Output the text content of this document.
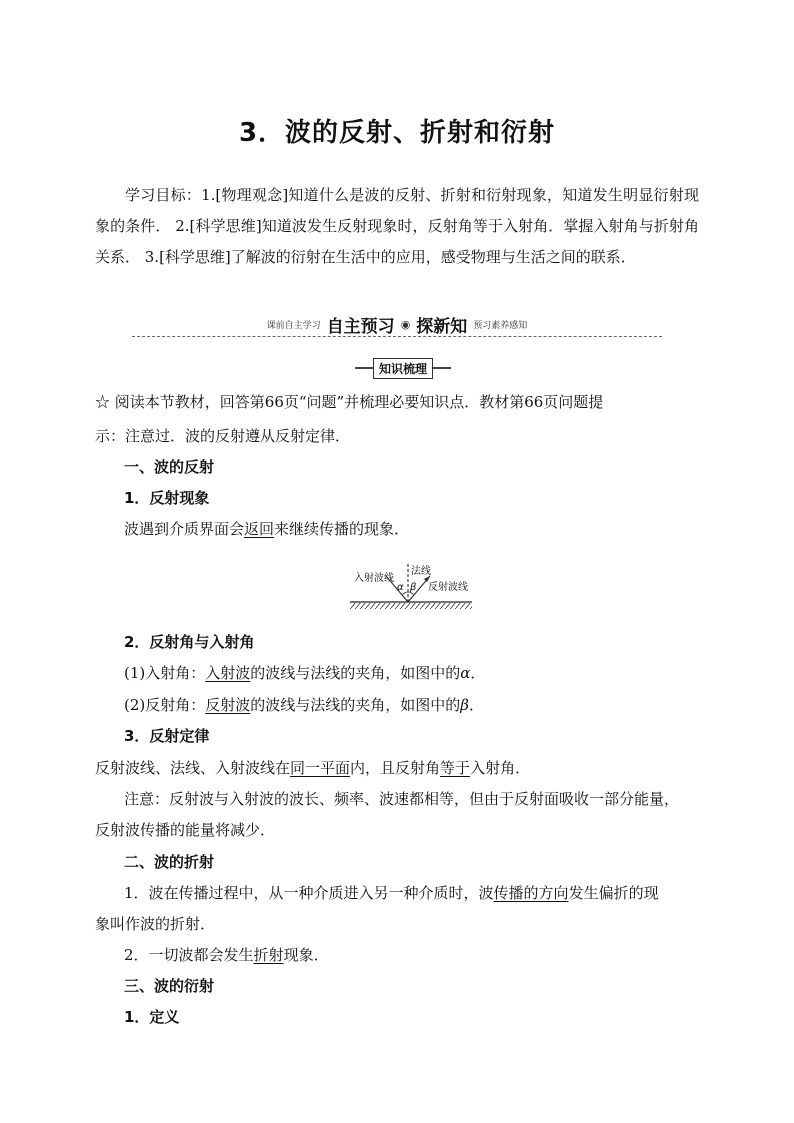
3．波的反射、折射和衍射
学习目标：1.[物理观念]知道什么是波的反射、折射和衍射现象，知道发生明显衍射现象的条件． 2.[科学思维]知道波发生反射现象时，反射角等于入射角．掌握入射角与折射角关系． 3.[科学思维]了解波的衍射在生活中的应用，感受物理与生活之间的联系．
课前自主学习 自主预习 ◉ 探新知 预习素养感知
知识梳理
☆ 阅读本节教材，回答第66页“问题”并梳理必要知识点．教材第66页问题提
示：注意过．波的反射遵从反射定律．
一、波的反射
1．反射现象
波遇到介质界面会返回来继续传播的现象．
入射波线
法线
反射波线
α β
2．反射角与入射角
(1)入射角：入射波的波线与法线的夹角，如图中的α．
(2)反射角：反射波的波线与法线的夹角，如图中的β．
3．反射定律
反射波线、法线、入射波线在同一平面内，且反射角等于入射角．
注意：反射波与入射波的波长、频率、波速都相等，但由于反射面吸收一部分能量，
反射波传播的能量将减少．
二、波的折射
1．波在传播过程中，从一种介质进入另一种介质时，波传播的方向发生偏折的现
象叫作波的折射．
2．一切波都会发生折射现象．
三、波的衍射
1．定义
